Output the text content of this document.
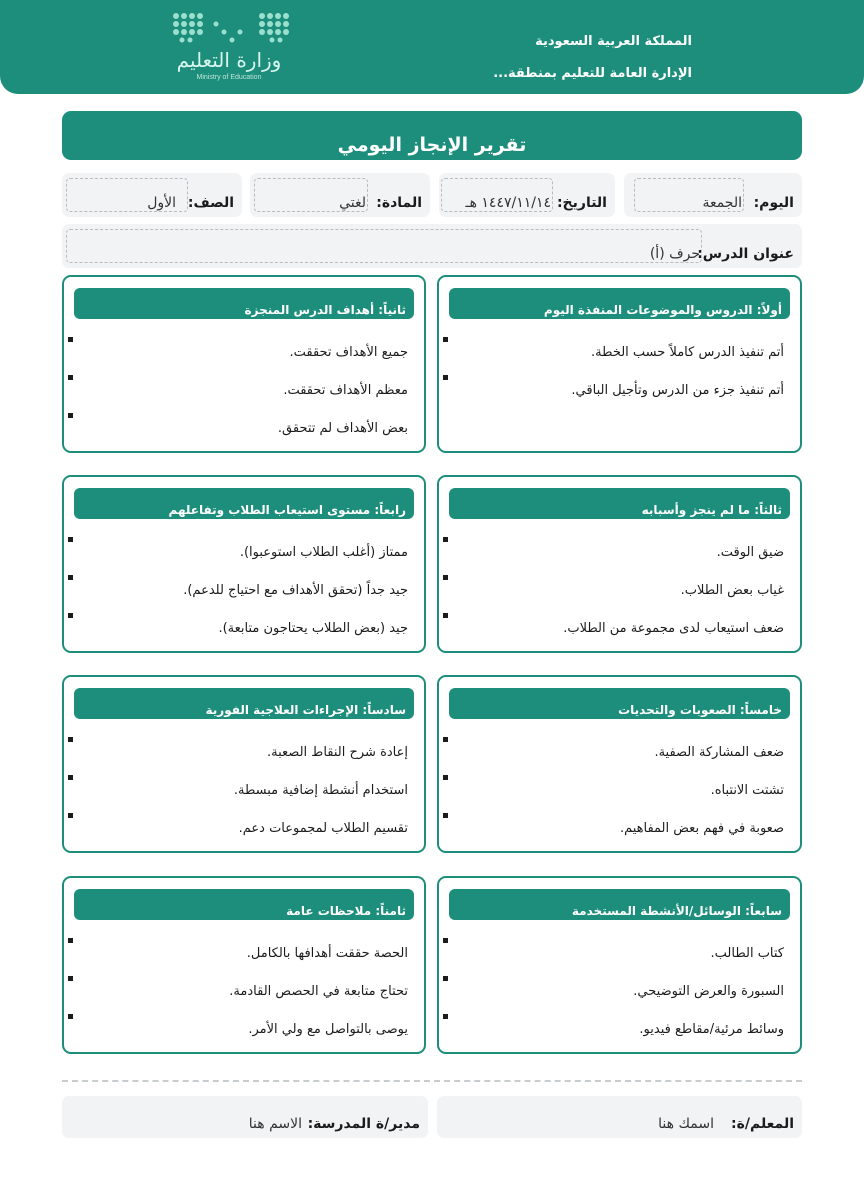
المملكة العربية السعودية
الإدارة العامة للتعليم بمنطقة...
وزارة التعليم
Ministry of Education
تقرير الإنجاز اليومي
اليوم:
الجمعة
التاريخ:
١٤٤٧/١١/١٤ هـ
المادة:
لغتي
الصف:
الأول
عنوان الدرس:
حرف (أ)
أولاً: الدروس والموضوعات المنفذة اليوم
أتم تنفيذ الدرس كاملاً حسب الخطة.
أتم تنفيذ جزء من الدرس وتأجيل الباقي.
ثانياً: أهداف الدرس المنجزة
جميع الأهداف تحققت.
معظم الأهداف تحققت.
بعض الأهداف لم تتحقق.
ثالثاً: ما لم ينجز وأسبابه
ضيق الوقت.
غياب بعض الطلاب.
ضعف استيعاب لدى مجموعة من الطلاب.
رابعاً: مستوى استيعاب الطلاب وتفاعلهم
ممتاز (أغلب الطلاب استوعبوا).
جيد جداً (تحقق الأهداف مع احتياج للدعم).
جيد (بعض الطلاب يحتاجون متابعة).
خامساً: الصعوبات والتحديات
ضعف المشاركة الصفية.
تشتت الانتباه.
صعوبة في فهم بعض المفاهيم.
سادساً: الإجراءات العلاجية الفورية
إعادة شرح النقاط الصعبة.
استخدام أنشطة إضافية مبسطة.
تقسيم الطلاب لمجموعات دعم.
سابعاً: الوسائل/الأنشطة المستخدمة
كتاب الطالب.
السبورة والعرض التوضيحي.
وسائط مرئية/مقاطع فيديو.
ثامناً: ملاحظات عامة
الحصة حققت أهدافها بالكامل.
تحتاج متابعة في الحصص القادمة.
يوصى بالتواصل مع ولي الأمر.
المعلم/ة:
اسمك هنا
مدير/ة المدرسة:
الاسم هنا
